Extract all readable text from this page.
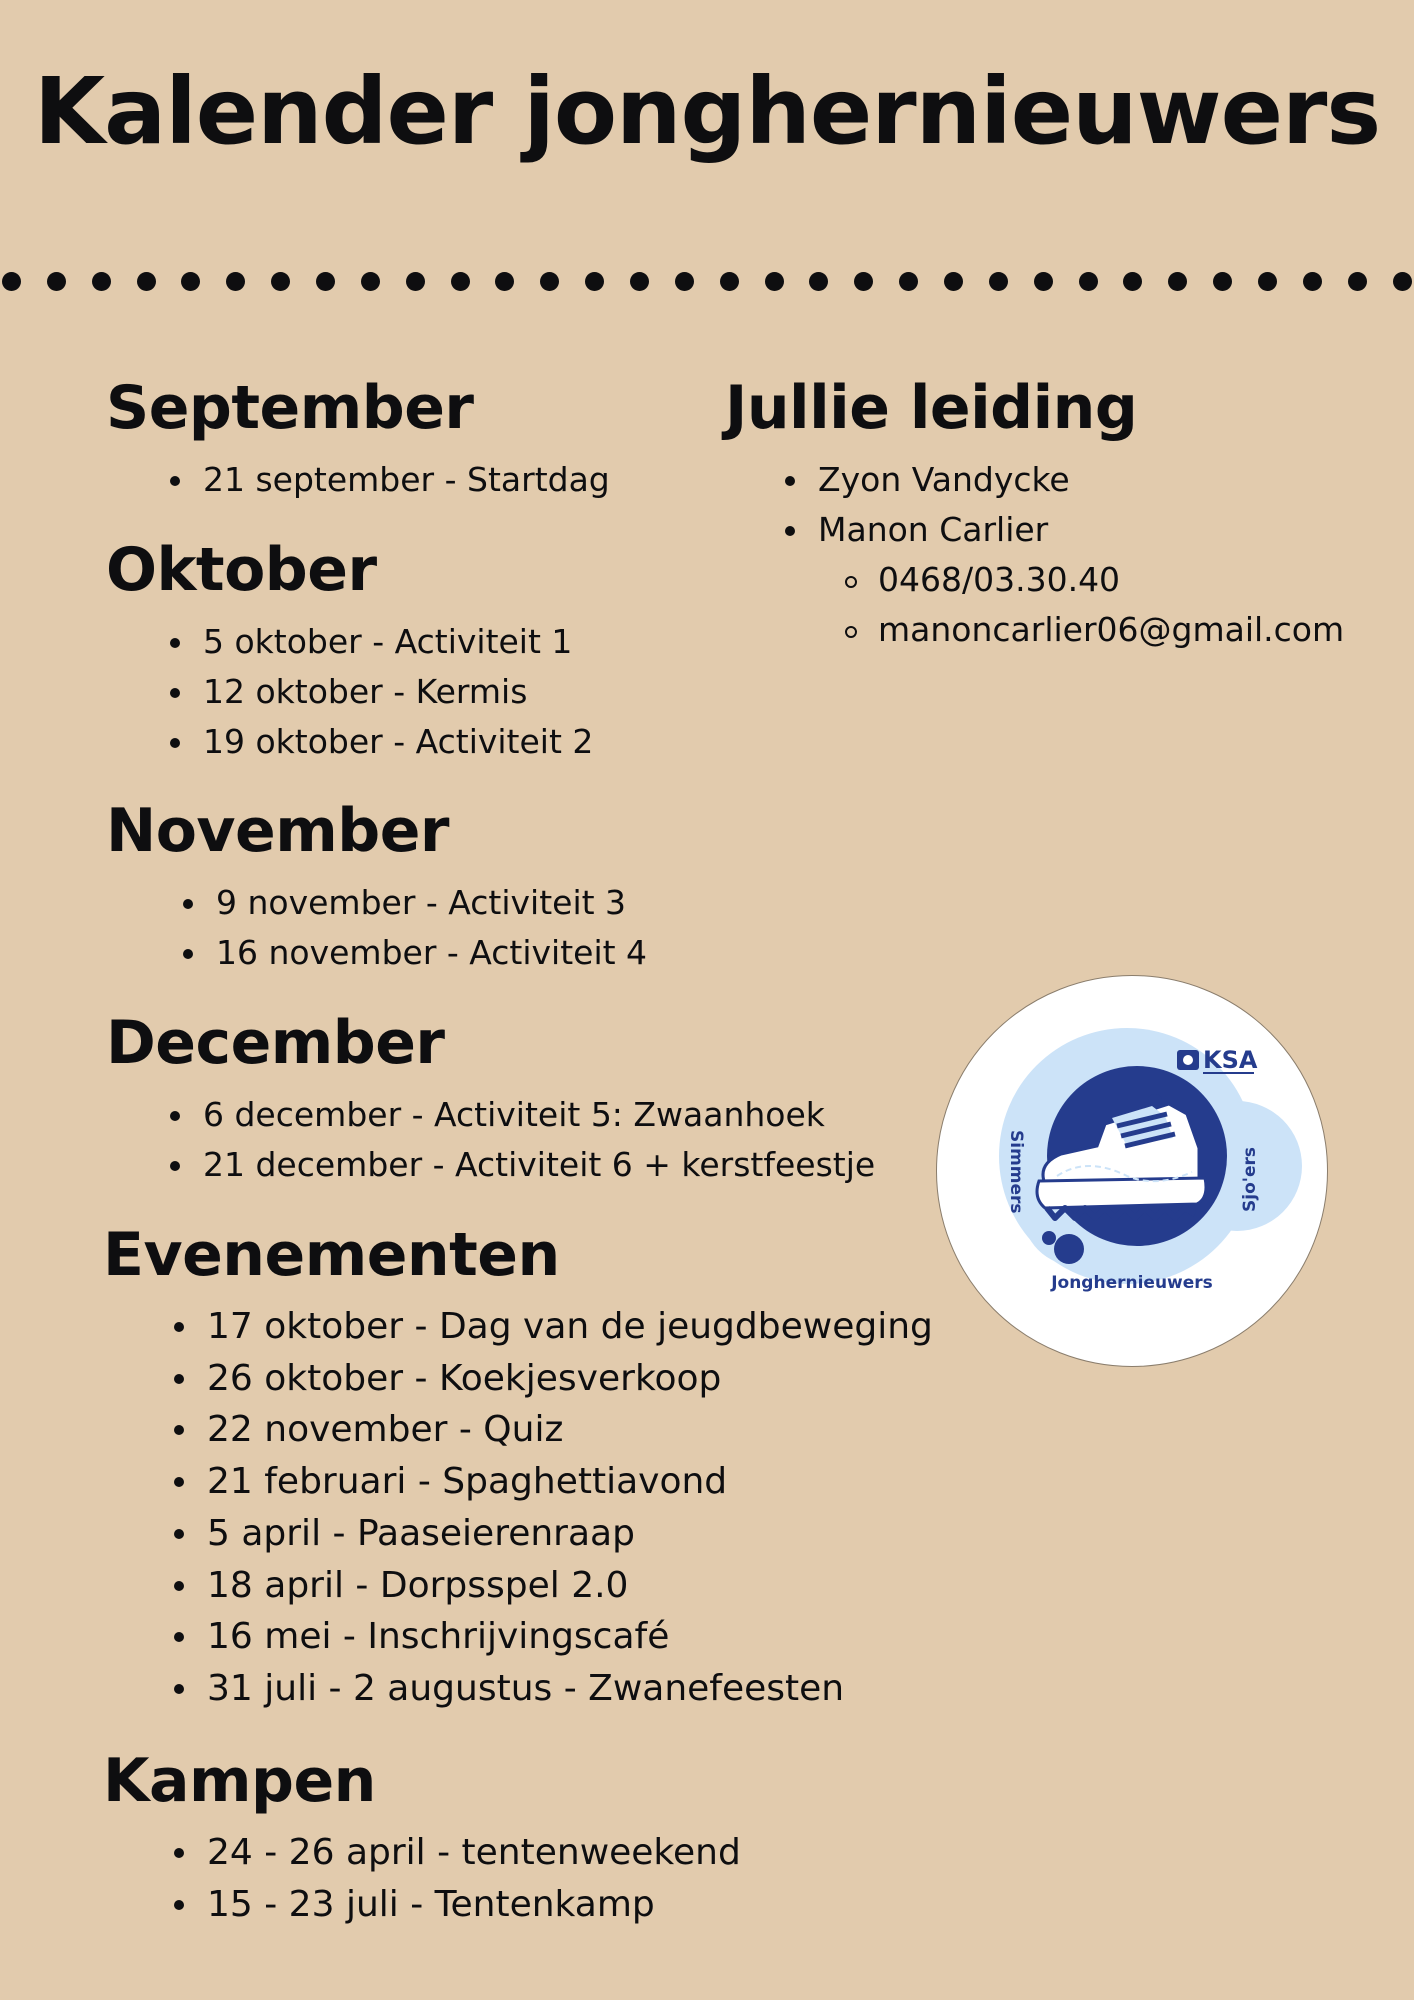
Kalender jonghernieuwers
September
21 september - Startdag
Oktober
5 oktober - Activiteit 1
12 oktober - Kermis
19 oktober - Activiteit 2
November
9 november - Activiteit 3
16 november - Activiteit 4
December
6 december - Activiteit 5: Zwaanhoek
21 december - Activiteit 6 + kerstfeestje
Evenementen
17 oktober - Dag van de jeugdbeweging
26 oktober - Koekjesverkoop
22 november - Quiz
21 februari - Spaghettiavond
5 april - Paaseierenraap
18 april - Dorpsspel 2.0
16 mei - Inschrijvingscafé
31 juli - 2 augustus - Zwanefeesten
Kampen
24 - 26 april - tentenweekend
15 - 23 juli - Tentenkamp
Jullie leiding
Zyon Vandycke
Manon Carlier
0468/03.30.40
manoncarlier06@gmail.com
KSA
Simmers	Sjo'ers
Jonghernieuwers
